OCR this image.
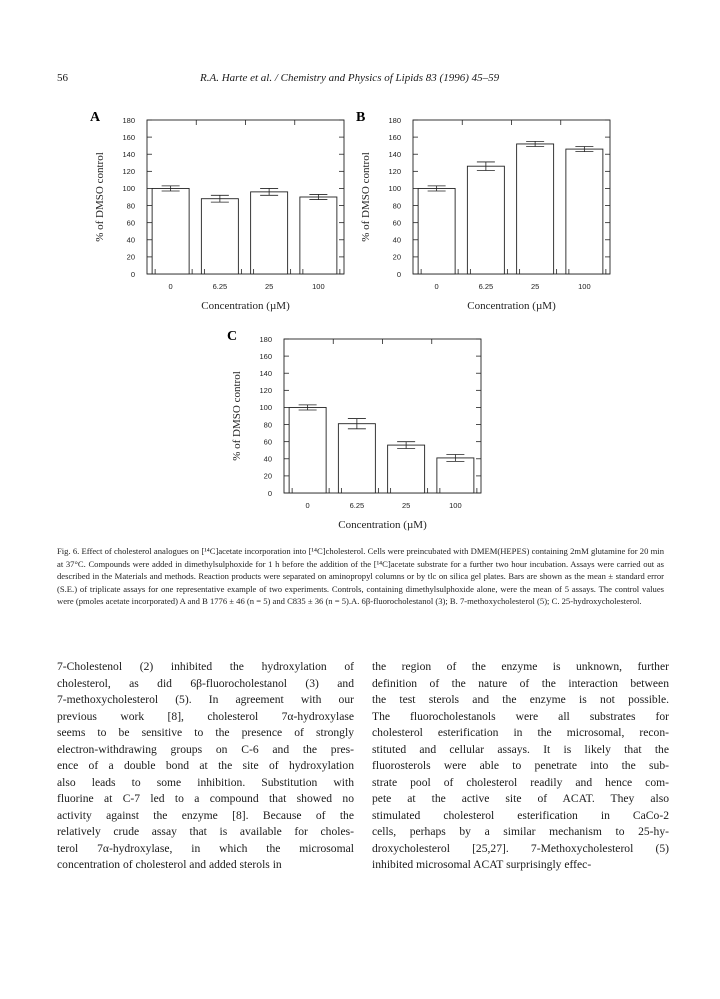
56	R.A. Harte et al. / Chemistry and Physics of Lipids 83 (1996) 45–59
A
% of DMSO control
0
20
40
60
80
100
120
140
160
180
0	6.25	25	100
Concentration (µM)
B
% of DMSO control
0
20
40
60
80
100
120
140
160
180
0	6.25	25	100
Concentration (µM)
C
% of DMSO control
0
20
40
60
80
100
120
140
160
180
0	6.25	25	100
Concentration (µM)
Fig. 6. Effect of cholesterol analogues on [¹⁴C]acetate incorporation into [¹⁴C]cholesterol. Cells were preincubated with DMEM(HEPES) containing 2mM glutamine for 20 min at 37°C. Compounds were added in dimethylsulphoxide for 1 h before the addition of the [¹⁴C]acetate substrate for a further two hour incubation. Assays were carried out as described in the Materials and methods. Reaction products were separated on aminopropyl columns or by tlc on silica gel plates. Bars are shown as the mean ± standard error (S.E.) of triplicate assays for one representative example of two experiments. Controls, containing dimethylsulphoxide alone, were the mean of 5 assays. The control values were (pmoles acetate incorporated) A and B 1776 ± 46 (n = 5) and C835 ± 36 (n = 5).A. 6β-fluorocholestanol (3); B. 7-methoxycholesterol (5); C. 25-hydroxycholesterol.

7-Cholestenol (2) inhibited the hydroxylation of

cholesterol, as did 6β-fluorocholestanol (3) and

7-methoxycholesterol (5). In agreement with our

previous work [8], cholesterol 7α-hydroxylase

seems to be sensitive to the presence of strongly

electron-withdrawing groups on C-6 and the pres-

ence of a double bond at the site of hydroxylation

also leads to some inhibition. Substitution with

fluorine at C-7 led to a compound that showed no

activity against the enzyme [8]. Because of the

relatively crude assay that is available for choles-

terol 7α-hydroxylase, in which the microsomal

concentration of cholesterol and added sterols in

the region of the enzyme is unknown, further

definition of the nature of the interaction between

the test sterols and the enzyme is not possible.

The fluorocholestanols were all substrates for

cholesterol esterification in the microsomal, recon-

stituted and cellular assays. It is likely that the

fluorosterols were able to penetrate into the sub-

strate pool of cholesterol readily and hence com-

pete at the active site of ACAT. They also

stimulated cholesterol esterification in CaCo-2

cells, perhaps by a similar mechanism to 25-hy-

droxycholesterol [25,27]. 7-Methoxycholesterol (5)

inhibited microsomal ACAT surprisingly effec-
